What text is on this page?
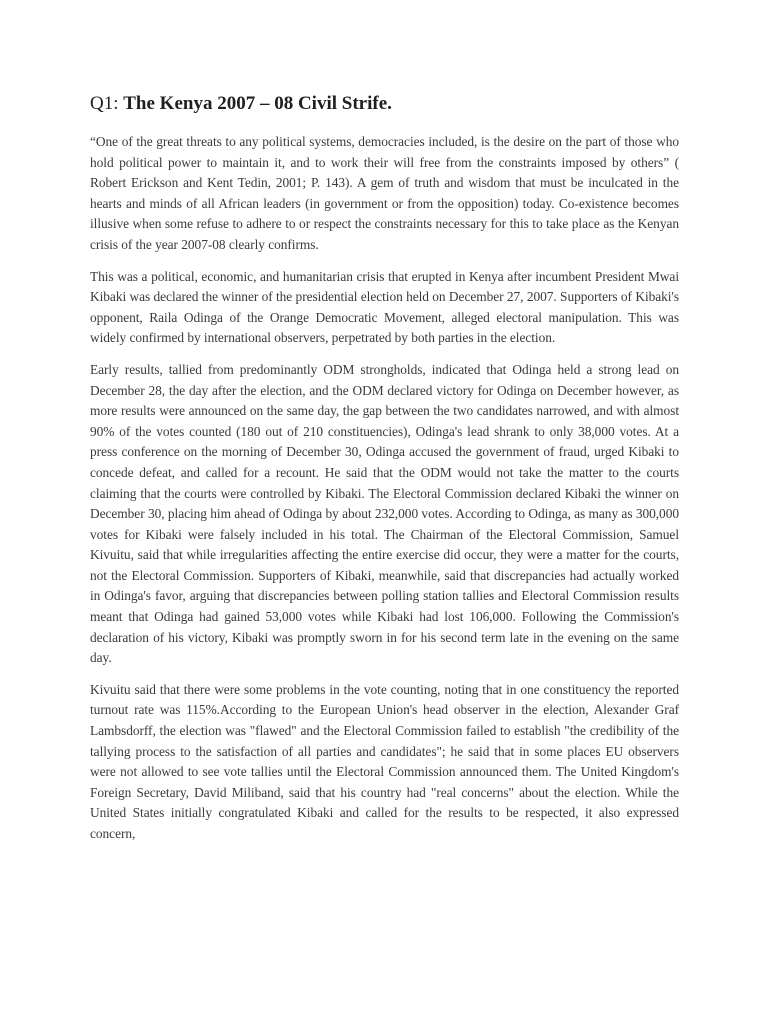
Q1: The Kenya 2007 – 08 Civil Strife.

“One of the great threats to any political systems, democracies included, is the desire on the part of those who hold political power to maintain it, and to work their will free from the constraints imposed by others” ( Robert Erickson and Kent Tedin, 2001; P. 143). A gem of truth and wisdom that must be inculcated in the hearts and minds of all African leaders (in government or from the opposition) today. Co-existence becomes illusive when some refuse to adhere to or respect the constraints necessary for this to take place as the Kenyan crisis of the year 2007-08 clearly confirms.

This was a political, economic, and humanitarian crisis that erupted in Kenya after incumbent President Mwai Kibaki was declared the winner of the presidential election held on December 27, 2007. Supporters of Kibaki's opponent, Raila Odinga of the Orange Democratic Movement, alleged electoral manipulation. This was widely confirmed by international observers, perpetrated by both parties in the election.

Early results, tallied from predominantly ODM strongholds, indicated that Odinga held a strong lead on December 28, the day after the election, and the ODM declared victory for Odinga on December however, as more results were announced on the same day, the gap between the two candidates narrowed, and with almost 90% of the votes counted (180 out of 210 constituencies), Odinga's lead shrank to only 38,000 votes. At a press conference on the morning of December 30, Odinga accused the government of fraud, urged Kibaki to concede defeat, and called for a recount. He said that the ODM would not take the matter to the courts claiming that the courts were controlled by Kibaki. The Electoral Commission declared Kibaki the winner on December 30, placing him ahead of Odinga by about 232,000 votes. According to Odinga, as many as 300,000 votes for Kibaki were falsely included in his total. The Chairman of the Electoral Commission, Samuel Kivuitu, said that while irregularities affecting the entire exercise did occur, they were a matter for the courts, not the Electoral Commission. Supporters of Kibaki, meanwhile, said that discrepancies had actually worked in Odinga's favor, arguing that discrepancies between polling station tallies and Electoral Commission results meant that Odinga had gained 53,000 votes while Kibaki had lost 106,000. Following the Commission's declaration of his victory, Kibaki was promptly sworn in for his second term late in the evening on the same day.

Kivuitu said that there were some problems in the vote counting, noting that in one constituency the reported turnout rate was 115%.According to the European Union's head observer in the election, Alexander Graf Lambsdorff, the election was "flawed" and the Electoral Commission failed to establish "the credibility of the tallying process to the satisfaction of all parties and candidates"; he said that in some places EU observers were not allowed to see vote tallies until the Electoral Commission announced them. The United Kingdom's Foreign Secretary, David Miliband, said that his country had "real concerns" about the election. While the United States initially congratulated Kibaki and called for the results to be respected, it also expressed concern,
